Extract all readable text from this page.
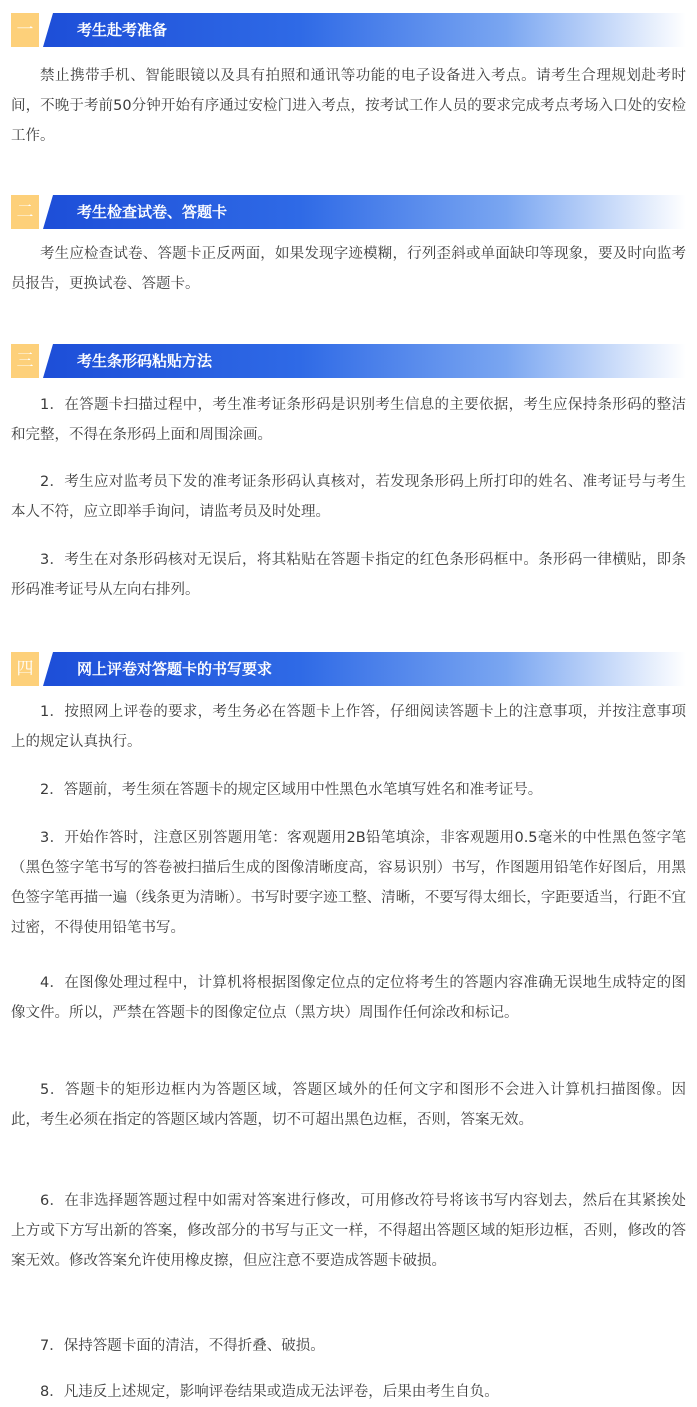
一	考生赴考准备

禁止携带手机、智能眼镜以及具有拍照和通讯等功能的电子设备进入考点。请考生合理规划赴考时间，不晚于考前50分钟开始有序通过安检门进入考点，按考试工作人员的要求完成考点考场入口处的安检工作。

二	考生检查试卷、答题卡

考生应检查试卷、答题卡正反两面，如果发现字迹模糊，行列歪斜或单面缺印等现象，要及时向监考员报告，更换试卷、答题卡。

三	考生条形码粘贴方法

1．在答题卡扫描过程中，考生准考证条形码是识别考生信息的主要依据，考生应保持条形码的整洁和完整，不得在条形码上面和周围涂画。

2．考生应对监考员下发的准考证条形码认真核对，若发现条形码上所打印的姓名、准考证号与考生本人不符，应立即举手询问，请监考员及时处理。

3．考生在对条形码核对无误后，将其粘贴在答题卡指定的红色条形码框中。条形码一律横贴，即条形码准考证号从左向右排列。

四	网上评卷对答题卡的书写要求

1．按照网上评卷的要求，考生务必在答题卡上作答，仔细阅读答题卡上的注意事项，并按注意事项上的规定认真执行。

2．答题前，考生须在答题卡的规定区域用中性黑色水笔填写姓名和准考证号。

3．开始作答时，注意区别答题用笔：客观题用2B铅笔填涂，非客观题用0.5毫米的中性黑色签字笔（黑色签字笔书写的答卷被扫描后生成的图像清晰度高，容易识别）书写，作图题用铅笔作好图后，用黑色签字笔再描一遍（线条更为清晰）。书写时要字迹工整、清晰，不要写得太细长，字距要适当，行距不宜过密，不得使用铅笔书写。

4．在图像处理过程中，计算机将根据图像定位点的定位将考生的答题内容准确无误地生成特定的图像文件。所以，严禁在答题卡的图像定位点（黑方块）周围作任何涂改和标记。

5．答题卡的矩形边框内为答题区域，答题区域外的任何文字和图形不会进入计算机扫描图像。因此，考生必须在指定的答题区域内答题，切不可超出黑色边框，否则，答案无效。

6．在非选择题答题过程中如需对答案进行修改，可用修改符号将该书写内容划去，然后在其紧挨处上方或下方写出新的答案，修改部分的书写与正文一样，不得超出答题区域的矩形边框，否则，修改的答案无效。修改答案允许使用橡皮擦，但应注意不要造成答题卡破损。

7．保持答题卡面的清洁，不得折叠、破损。

8．凡违反上述规定，影响评卷结果或造成无法评卷，后果由考生自负。
